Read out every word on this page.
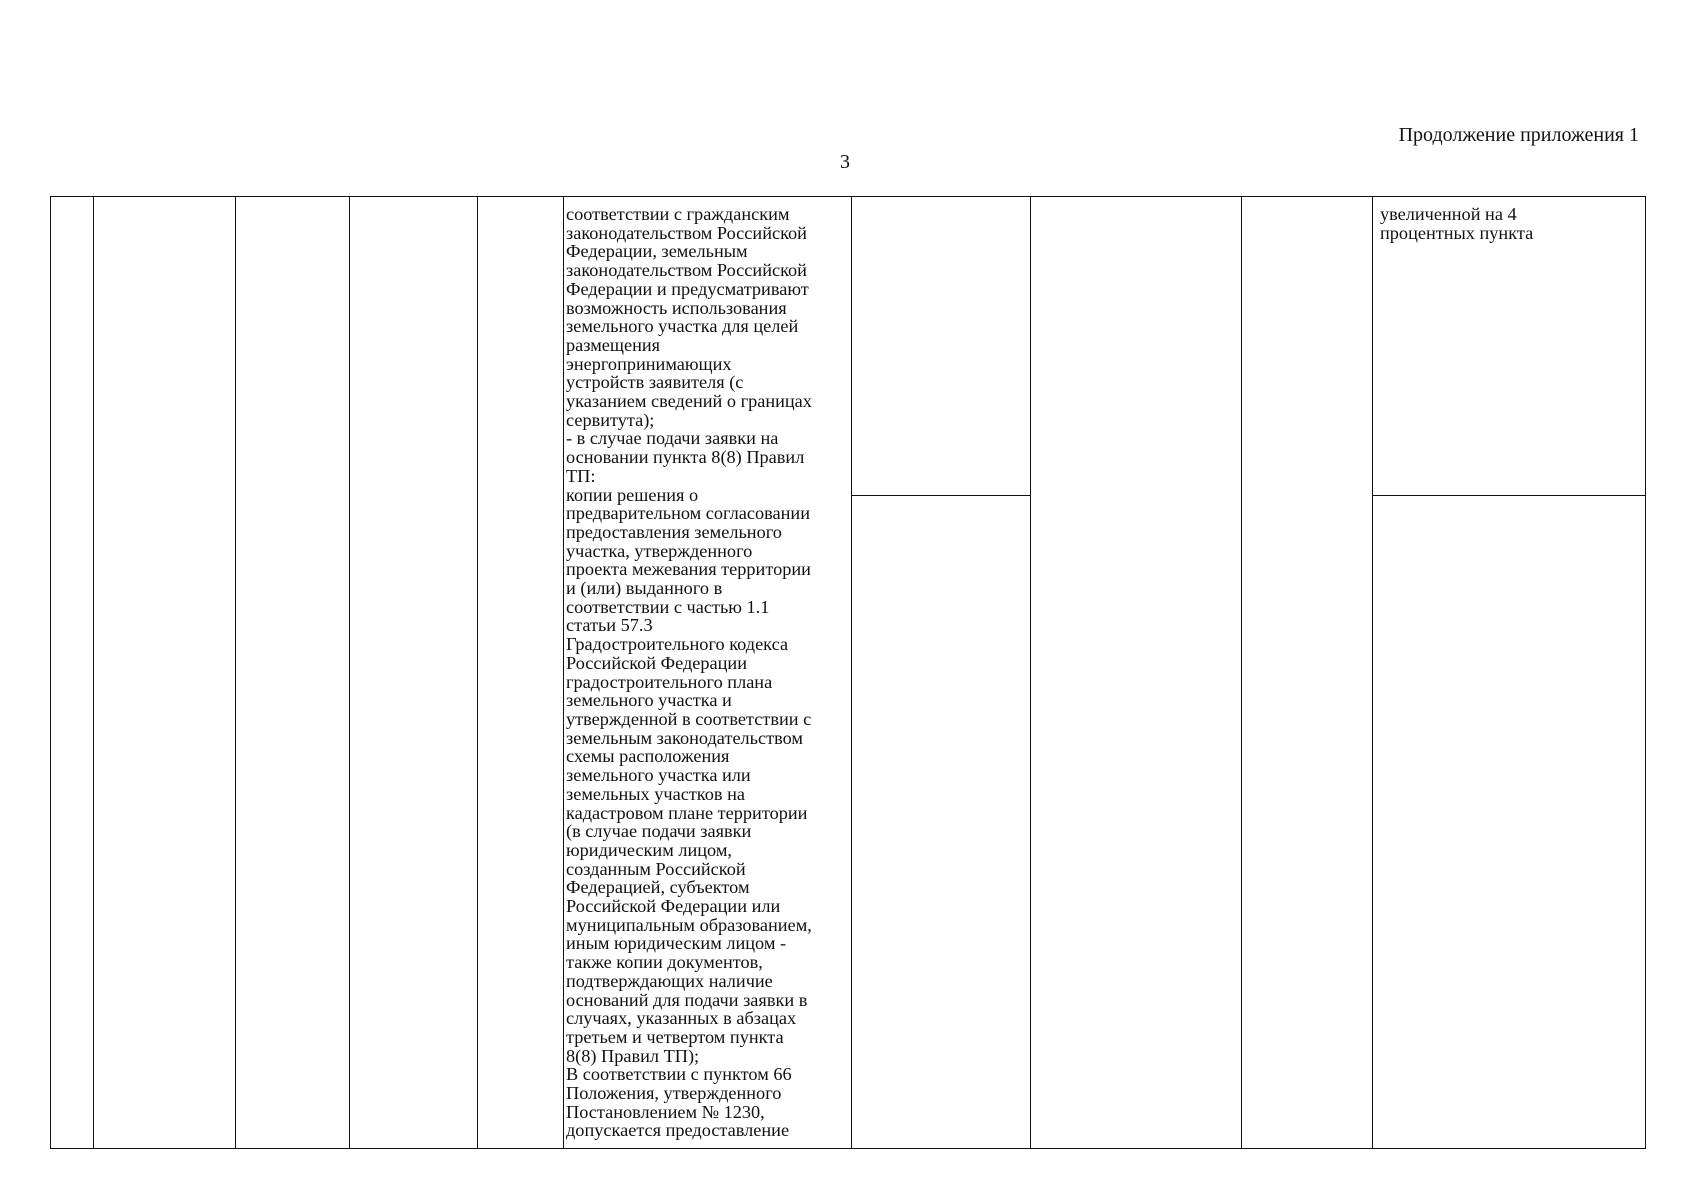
Продолжение приложения 1
3
соответствии с гражданским
законодательством Российской
Федерации, земельным
законодательством Российской
Федерации и предусматривают
возможность использования
земельного участка для целей
размещения
энергопринимающих
устройств заявителя (с
указанием сведений о границах
сервитута);
- в случае подачи заявки на
основании пункта 8(8) Правил
ТП:
копии решения о
предварительном согласовании
предоставления земельного
участка, утвержденного
проекта межевания территории
и (или) выданного в
соответствии с частью 1.1
статьи 57.3
Градостроительного кодекса
Российской Федерации
градостроительного плана
земельного участка и
утвержденной в соответствии с
земельным законодательством
схемы расположения
земельного участка или
земельных участков на
кадастровом плане территории
(в случае подачи заявки
юридическим лицом,
созданным Российской
Федерацией, субъектом
Российской Федерации или
муниципальным образованием,
иным юридическим лицом -
также копии документов,
подтверждающих наличие
оснований для подачи заявки в
случаях, указанных в абзацах
третьем и четвертом пункта
8(8) Правил ТП);
В соответствии с пунктом 66
Положения, утвержденного
Постановлением № 1230,
допускается предоставление
увеличенной на 4
процентных пункта
